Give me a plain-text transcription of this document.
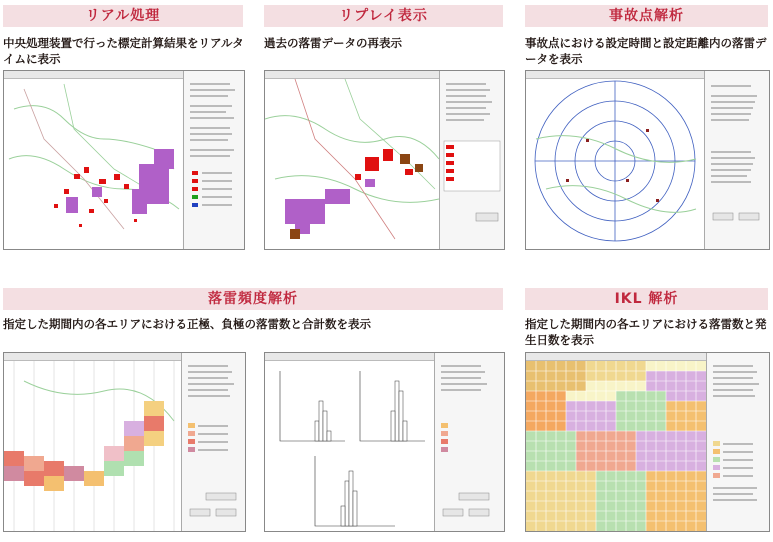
リアル処理
中央処理装置で行った標定計算結果をリアルタイムに表示
リプレイ表示
過去の落雷データの再表示
事故点解析
事故点における設定時間と設定距離内の落雷データを表示
落雷頻度解析
指定した期間内の各エリアにおける正極、負極の落雷数と合計数を表示
IKL 解析
指定した期間内の各エリアにおける落雷数と発生日数を表示
